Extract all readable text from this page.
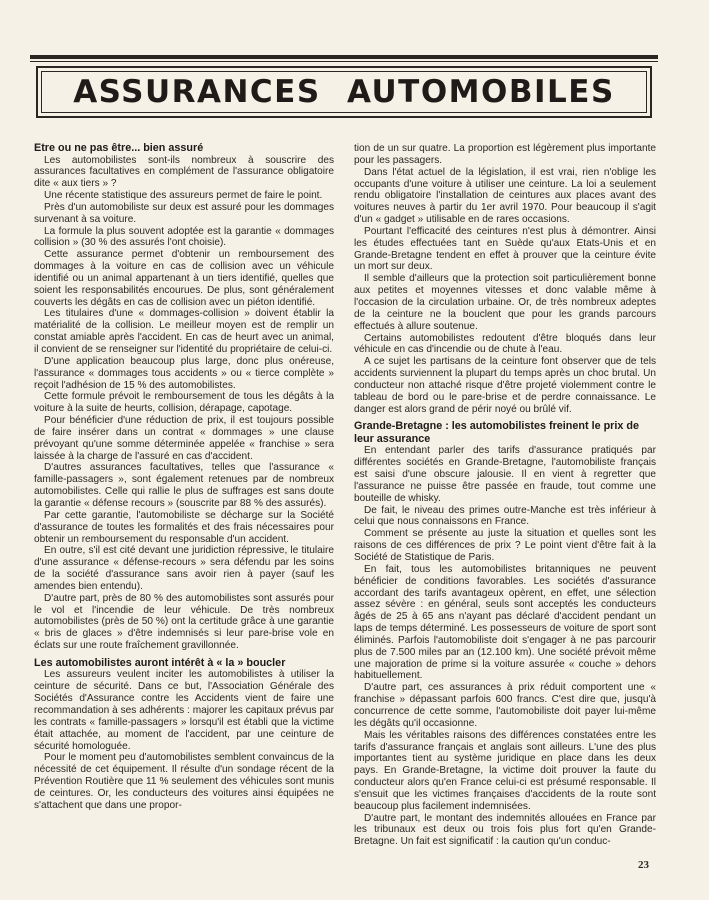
ASSURANCES AUTOMOBILES
Etre ou ne pas être... bien assuré

Les automobilistes sont-ils nombreux à souscrire des assurances facultatives en complément de l'assurance obligatoire dite « aux tiers » ?

Une récente statistique des assureurs permet de faire le point.

Près d'un automobiliste sur deux est assuré pour les dommages survenant à sa voiture.

La formule la plus souvent adoptée est la garantie « dommages collision » (30 % des assurés l'ont choisie).

Cette assurance permet d'obtenir un remboursement des dommages à la voiture en cas de collision avec un véhicule identifié ou un animal appartenant à un tiers identifié, quelles que soient les responsabilités encourues. De plus, sont généralement couverts les dégâts en cas de collision avec un piéton identifié.

Les titulaires d'une « dommages-collision » doivent établir la matérialité de la collision. Le meilleur moyen est de remplir un constat amiable après l'accident. En cas de heurt avec un animal, il convient de se renseigner sur l'identité du propriétaire de celui-ci.

D'une application beaucoup plus large, donc plus onéreuse, l'assurance « dommages tous accidents » ou « tierce complète » reçoit l'adhésion de 15 % des automobilistes.

Cette formule prévoit le remboursement de tous les dégâts à la voiture à la suite de heurts, collision, dérapage, capotage.

Pour bénéficier d'une réduction de prix, il est toujours possible de faire insérer dans un contrat « dommages » une clause prévoyant qu'une somme déterminée appelée « franchise » sera laissée à la charge de l'assuré en cas d'accident.

D'autres assurances facultatives, telles que l'assurance « famille-passagers », sont également retenues par de nombreux automobilistes. Celle qui rallie le plus de suffrages est sans doute la garantie « défense recours » (souscrite par 88 % des assurés).

Par cette garantie, l'automobiliste se décharge sur la Société d'assurance de toutes les formalités et des frais nécessaires pour obtenir un remboursement du responsable d'un accident.

En outre, s'il est cité devant une juridiction répressive, le titulaire d'une assurance « défense-recours » sera défendu par les soins de la société d'assurance sans avoir rien à payer (sauf les amendes bien entendu).

D'autre part, près de 80 % des automobilistes sont assurés pour le vol et l'incendie de leur véhicule. De très nombreux automobilistes (près de 50 %) ont la certitude grâce à une garantie « bris de glaces » d'être indemnisés si leur pare-brise vole en éclats sur une route fraîchement gravillonnée.

Les automobilistes auront intérêt à « la » boucler

Les assureurs veulent inciter les automobilistes à utiliser la ceinture de sécurité. Dans ce but, l'Association Générale des Sociétés d'Assurance contre les Accidents vient de faire une recommandation à ses adhérents : majorer les capitaux prévus par les contrats « famille-passagers » lorsqu'il est établi que la victime était attachée, au moment de l'accident, par une ceinture de sécurité homologuée.

Pour le moment peu d'automobilistes semblent convaincus de la nécessité de cet équipement. Il résulte d'un sondage récent de la Prévention Routière que 11 % seulement des véhicules sont munis de ceintures. Or, les conducteurs des voitures ainsi équipées ne s'attachent que dans une propor-

tion de un sur quatre. La proportion est légèrement plus importante pour les passagers.

Dans l'état actuel de la législation, il est vrai, rien n'oblige les occupants d'une voiture à utiliser une ceinture. La loi a seulement rendu obligatoire l'installation de ceintures aux places avant des voitures neuves à partir du 1er avril 1970. Pour beaucoup il s'agit d'un « gadget » utilisable en de rares occasions.

Pourtant l'efficacité des ceintures n'est plus à démontrer. Ainsi les études effectuées tant en Suède qu'aux Etats-Unis et en Grande-Bretagne tendent en effet à prouver que la ceinture évite un mort sur deux.

Il semble d'ailleurs que la protection soit particulièrement bonne aux petites et moyennes vitesses et donc valable même à l'occasion de la circulation urbaine. Or, de très nombreux adeptes de la ceinture ne la bouclent que pour les grands parcours effectués à allure soutenue.

Certains automobilistes redoutent d'être bloqués dans leur véhicule en cas d'incendie ou de chute à l'eau.

A ce sujet les partisans de la ceinture font observer que de tels accidents surviennent la plupart du temps après un choc brutal. Un conducteur non attaché risque d'être projeté violemment contre le tableau de bord ou le pare-brise et de perdre connaissance. Le danger est alors grand de périr noyé ou brûlé vif.

Grande-Bretagne : les automobilistes freinent le prix de leur assurance

En entendant parler des tarifs d'assurance pratiqués par différentes sociétés en Grande-Bretagne, l'automobiliste français est saisi d'une obscure jalousie. Il en vient à regretter que l'assurance ne puisse être passée en fraude, tout comme une bouteille de whisky.

De fait, le niveau des primes outre-Manche est très inférieur à celui que nous connaissons en France.

Comment se présente au juste la situation et quelles sont les raisons de ces différences de prix ? Le point vient d'être fait à la Société de Statistique de Paris.

En fait, tous les automobilistes britanniques ne peuvent bénéficier de conditions favorables. Les sociétés d'assurance accordant des tarifs avantageux opèrent, en effet, une sélection assez sévère : en général, seuls sont acceptés les conducteurs âgés de 25 à 65 ans n'ayant pas déclaré d'accident pendant un laps de temps déterminé. Les possesseurs de voiture de sport sont éliminés. Parfois l'automobiliste doit s'engager à ne pas parcourir plus de 7.500 miles par an (12.100 km). Une société prévoit même une majoration de prime si la voiture assurée « couche » dehors habituellement.

D'autre part, ces assurances à prix réduit comportent une « franchise » dépassant parfois 600 francs. C'est dire que, jusqu'à concurrence de cette somme, l'automobiliste doit payer lui-même les dégâts qu'il occasionne.

Mais les véritables raisons des différences constatées entre les tarifs d'assurance français et anglais sont ailleurs. L'une des plus importantes tient au système juridique en place dans les deux pays. En Grande-Bretagne, la victime doit prouver la faute du conducteur alors qu'en France celui-ci est présumé responsable. Il s'ensuit que les victimes françaises d'accidents de la route sont beaucoup plus facilement indemnisées.

D'autre part, le montant des indemnités allouées en France par les tribunaux est deux ou trois fois plus fort qu'en Grande-Bretagne. Un fait est significatif : la caution qu'un conduc-

23
